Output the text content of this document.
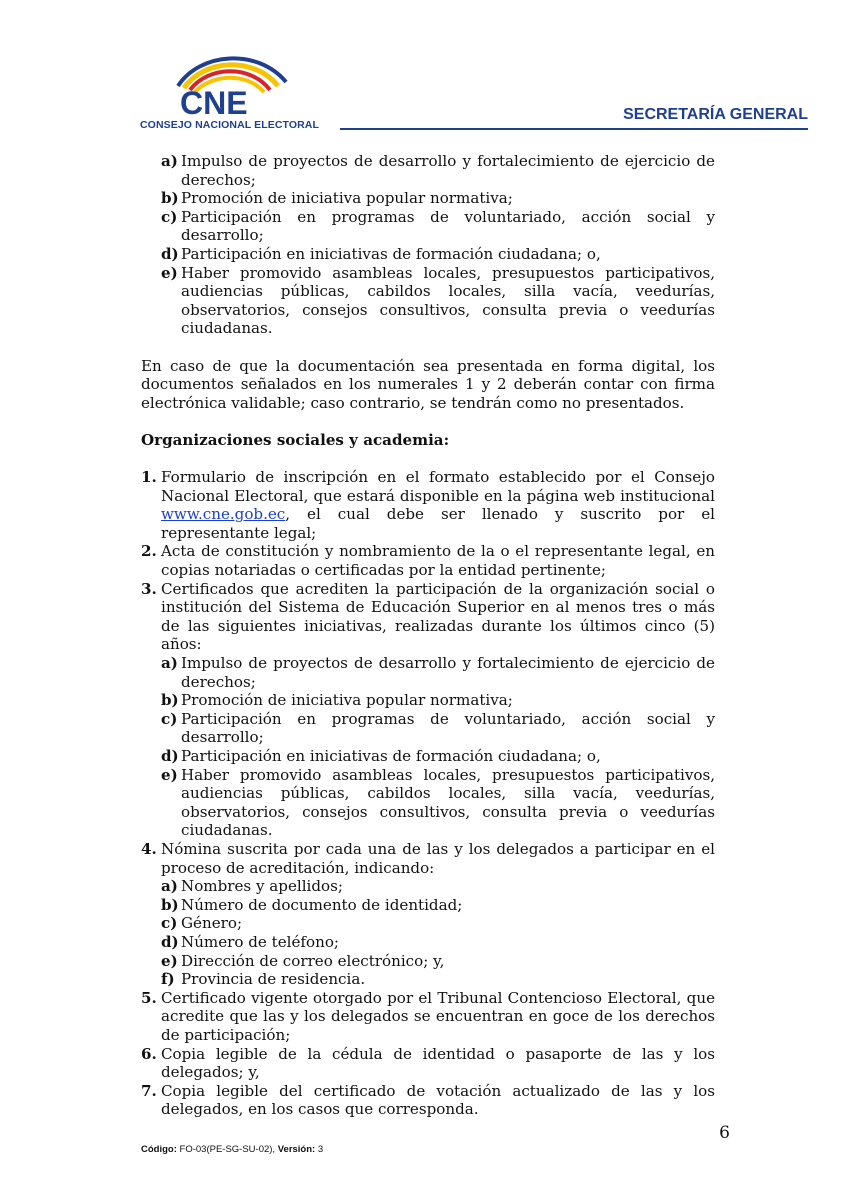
CNE
CONSEJO NACIONAL ELECTORAL
SECRETARÍA GENERAL
a) Impulso de proyectos de desarrollo y fortalecimiento de ejercicio de derechos;
b) Promoción de iniciativa popular normativa;
c) Participación en programas de voluntariado, acción social y desarrollo;
d) Participación en iniciativas de formación ciudadana; o,
e) Haber promovido asambleas locales, presupuestos participativos, audiencias públicas, cabildos locales, silla vacía, veedurías, observatorios, consejos consultivos, consulta previa o veedurías ciudadanas.
En caso de que la documentación sea presentada en forma digital, los documentos señalados en los numerales 1 y 2 deberán contar con firma electrónica validable; caso contrario, se tendrán como no presentados.
Organizaciones sociales y academia:
1. Formulario de inscripción en el formato establecido por el Consejo Nacional Electoral, que estará disponible en la página web institucional www.cne.gob.ec, el cual debe ser llenado y suscrito por el representante legal;
2. Acta de constitución y nombramiento de la o el representante legal, en copias notariadas o certificadas por la entidad pertinente;
3. Certificados que acrediten la participación de la organización social o institución del Sistema de Educación Superior en al menos tres o más de las siguientes iniciativas, realizadas durante los últimos cinco (5) años:
a) Impulso de proyectos de desarrollo y fortalecimiento de ejercicio de derechos;
b) Promoción de iniciativa popular normativa;
c) Participación en programas de voluntariado, acción social y desarrollo;
d) Participación en iniciativas de formación ciudadana; o,
e) Haber promovido asambleas locales, presupuestos participativos, audiencias públicas, cabildos locales, silla vacía, veedurías, observatorios, consejos consultivos, consulta previa o veedurías ciudadanas.
4. Nómina suscrita por cada una de las y los delegados a participar en el proceso de acreditación, indicando:
a) Nombres y apellidos;
b) Número de documento de identidad;
c) Género;
d) Número de teléfono;
e) Dirección de correo electrónico; y,
f) Provincia de residencia.
5. Certificado vigente otorgado por el Tribunal Contencioso Electoral, que acredite que las y los delegados se encuentran en goce de los derechos de participación;
6. Copia legible de la cédula de identidad o pasaporte de las y los delegados; y,
7. Copia legible del certificado de votación actualizado de las y los delegados, en los casos que corresponda.
6
Código: FO-03(PE-SG-SU-02), Versión: 3
